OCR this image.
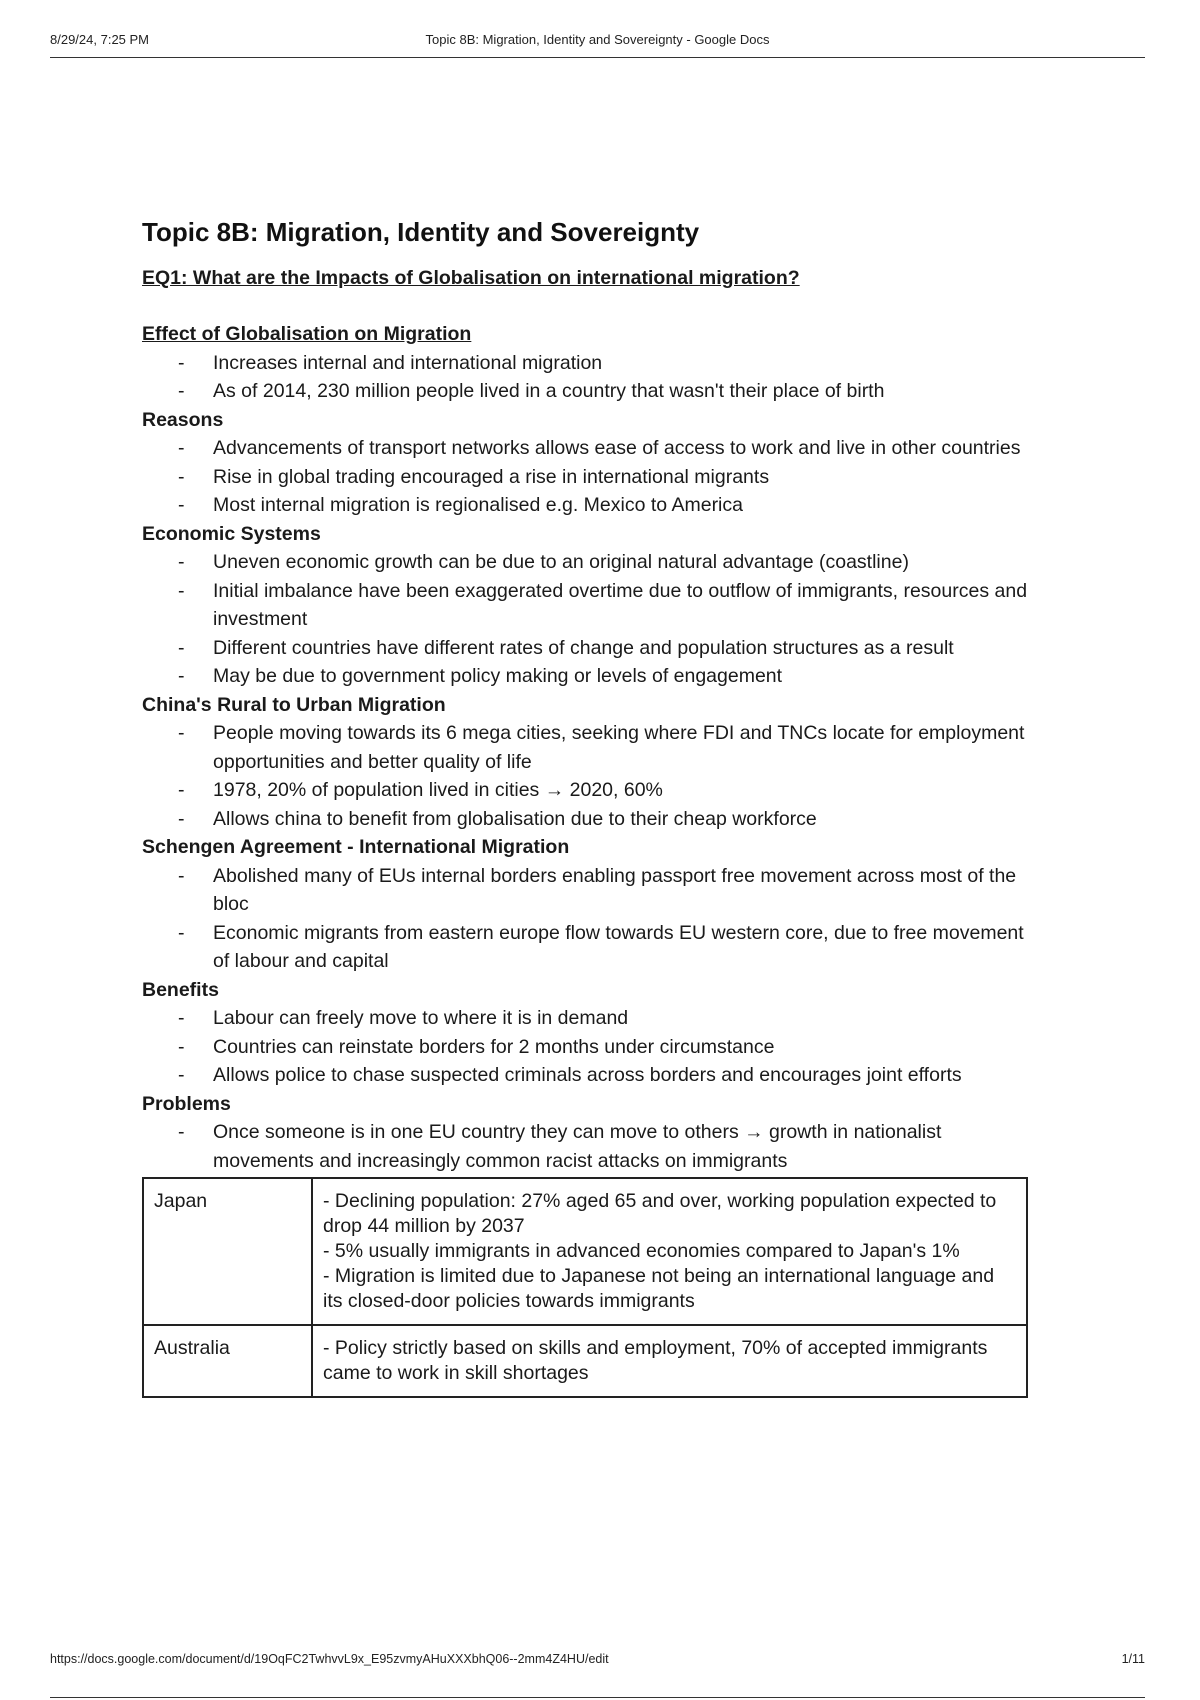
8/29/24, 7:25 PM	Topic 8B: Migration, Identity and Sovereignty - Google Docs
Topic 8B: Migration, Identity and Sovereignty
EQ1: What are the Impacts of Globalisation on international migration?
Effect of Globalisation on Migration
- Increases internal and international migration
- As of 2014, 230 million people lived in a country that wasn't their place of birth
Reasons
- Advancements of transport networks allows ease of access to work and live in other countries
- Rise in global trading encouraged a rise in international migrants
- Most internal migration is regionalised e.g. Mexico to America
Economic Systems
- Uneven economic growth can be due to an original natural advantage (coastline)
- Initial imbalance have been exaggerated overtime due to outflow of immigrants, resources and investment
- Different countries have different rates of change and population structures as a result
- May be due to government policy making or levels of engagement
China's Rural to Urban Migration
- People moving towards its 6 mega cities, seeking where FDI and TNCs locate for employment opportunities and better quality of life
- 1978, 20% of population lived in cities → 2020, 60%
- Allows china to benefit from globalisation due to their cheap workforce
Schengen Agreement - International Migration
- Abolished many of EUs internal borders enabling passport free movement across most of the bloc
- Economic migrants from eastern europe flow towards EU western core, due to free movement of labour and capital
Benefits
- Labour can freely move to where it is in demand
- Countries can reinstate borders for 2 months under circumstance
- Allows police to chase suspected criminals across borders and encourages joint efforts
Problems
- Once someone is in one EU country they can move to others → growth in nationalist movements and increasingly common racist attacks on immigrants
Japan	- Declining population: 27% aged 65 and over, working population expected to drop 44 million by 2037
- 5% usually immigrants in advanced economies compared to Japan's 1%
- Migration is limited due to Japanese not being an international language and its closed-door policies towards immigrants

Australia	- Policy strictly based on skills and employment, 70% of accepted immigrants came to work in skill shortages
https://docs.google.com/document/d/19OqFC2TwhvvL9x_E95zvmyAHuXXXbhQ06--2mm4Z4HU/edit	1/11
